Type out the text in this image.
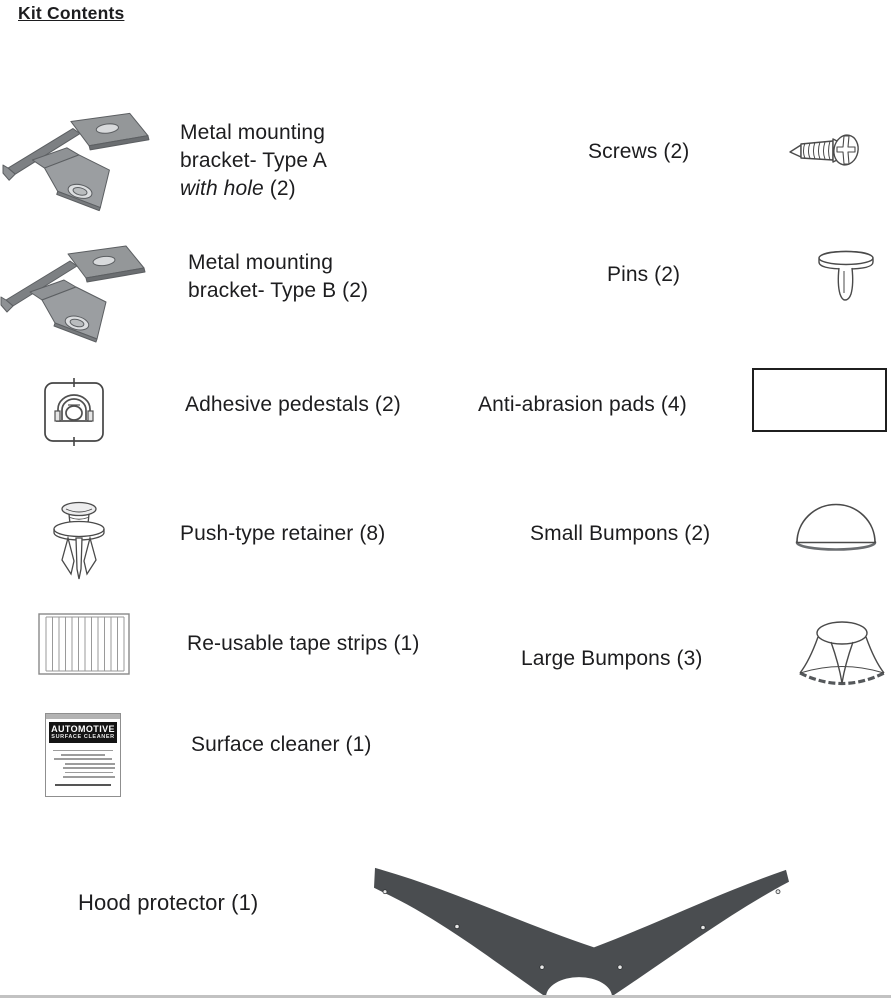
Kit Contents
Metal mounting
bracket- Type A
with hole (2)
Screws (2)
Metal mounting
bracket- Type B (2)
Pins (2)
Adhesive pedestals (2)	Anti-abrasion pads (4)
Push-type retainer (8)	Small Bumpons (2)
Re-usable tape strips (1)
Large Bumpons (3)
AUTOMOTIVE
SURFACE CLEANER	Surface cleaner (1)
Hood protector (1)
